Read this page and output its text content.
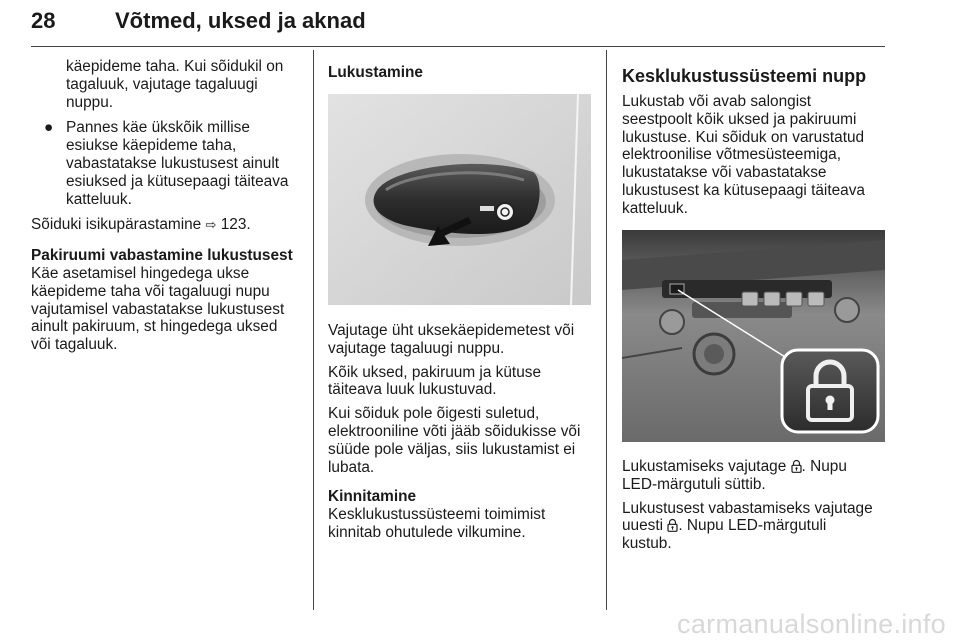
28	Võtmed, uksed ja aknad
käepideme taha. Kui sõidukil on
tagaluuk, vajutage tagaluugi
nuppu.
● Pannes käe ükskõik millise
esiukse käepideme taha,
vabastatakse lukustusest ainult
esiuksed ja kütusepaagi täiteava
katteluuk.

Sõiduki isikupärastamine ⇨ 123.

Pakiruumi vabastamine lukustusest
Käe asetamisel hingedega ukse
käepideme taha või tagaluugi nupu
vajutamisel vabastatakse lukustusest
ainult pakiruum, st hingedega uksed
või tagaluuk.
Lukustamine
Vajutage üht uksekäepidemetest või
vajutage tagaluugi nuppu.
Kõik uksed, pakiruum ja kütuse
täiteava luuk lukustuvad.
Kui sõiduk pole õigesti suletud,
elektrooniline võti jääb sõidukisse või
süüde pole väljas, siis lukustamist ei
lubata.
Kinnitamine
Kesklukustussüsteemi toimimist
kinnitab ohutulede vilkumine.
Kesklukustussüsteemi nupp
Lukustab või avab salongist
seestpoolt kõik uksed ja pakiruumi
lukustuse. Kui sõiduk on varustatud
elektroonilise võtmesüsteemiga,
lukustatakse või vabastatakse
lukustusest ka kütusepaagi täiteava
katteluuk.
Lukustamiseks vajutage . Nupu
LED-märgutuli süttib.
Lukustusest vabastamiseks vajutage
uuesti . Nupu LED-märgutuli
kustub.
carmanualsonline.info
